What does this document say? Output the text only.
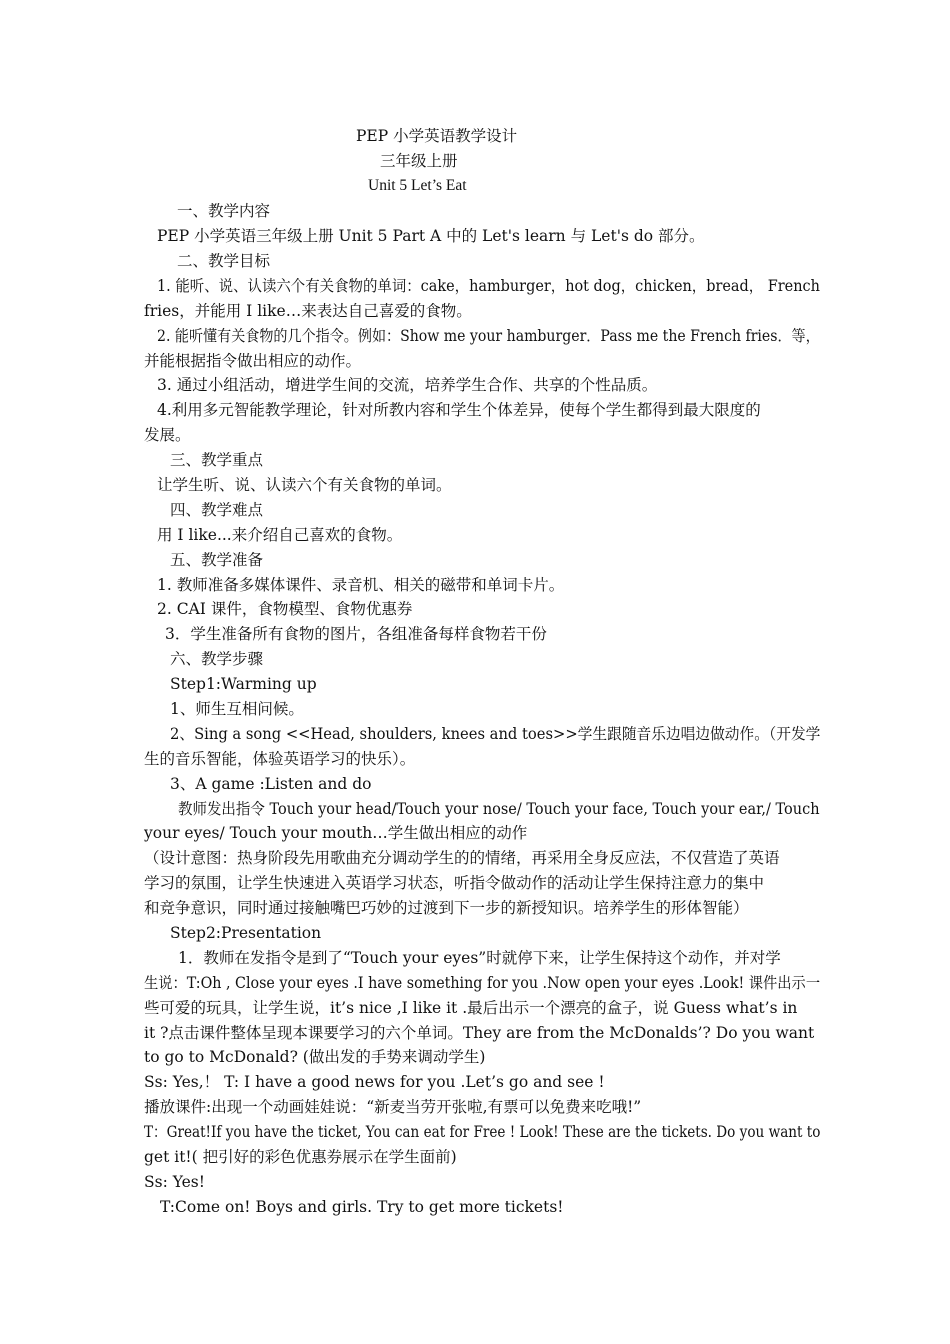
PEP 小学英语教学设计
三年级上册
Unit 5 Let’s Eat
一、教学内容
PEP 小学英语三年级上册 Unit 5 Part A 中的 Let's learn 与 Let's do 部分。
二、教学目标
1. 能听、说、认读六个有关食物的单词：cake，hamburger，hot dog，chicken，bread， French
fries，并能用 I like…来表达自己喜爱的食物。
2. 能听懂有关食物的几个指令。例如：Show me your hamburger．Pass me the French fries．等，
并能根据指令做出相应的动作。
3. 通过小组活动，增进学生间的交流，培养学生合作、共享的个性品质。
4.利用多元智能教学理论，针对所教内容和学生个体差异，使每个学生都得到最大限度的
发展。
三、教学重点
让学生听、说、认读六个有关食物的单词。
四、教学难点
用 I like...来介绍自己喜欢的食物。
五、教学准备
1. 教师准备多媒体课件、录音机、相关的磁带和单词卡片。
2. CAI 课件，食物模型、食物优惠券
3．学生准备所有食物的图片，各组准备每样食物若干份
六、教学步骤
Step1:Warming up
1、师生互相问候。
2、Sing a song <<Head, shoulders, knees and toes>>学生跟随音乐边唱边做动作。（开发学
生的音乐智能，体验英语学习的快乐）。
3、A game :Listen and do
教师发出指令 Touch your head/Touch your nose/ Touch your face, Touch your ear,/ Touch
your eyes/ Touch your mouth…学生做出相应的动作
（设计意图：热身阶段先用歌曲充分调动学生的的情绪，再采用全身反应法，不仅营造了英语
学习的氛围，让学生快速进入英语学习状态，听指令做动作的活动让学生保持注意力的集中
和竞争意识，同时通过接触嘴巴巧妙的过渡到下一步的新授知识。培养学生的形体智能）
Step2:Presentation
1．教师在发指令是到了“Touch your eyes”时就停下来，让学生保持这个动作，并对学
生说：T:Oh , Close your eyes .I have something for you .Now open your eyes .Look! 课件出示一
些可爱的玩具，让学生说，it’s nice ,I like it .最后出示一个漂亮的盒子，说 Guess what’s in
it ?点击课件整体呈现本课要学习的六个单词。They are from the McDonalds’? Do you want
to go to McDonald? (做出发的手势来调动学生)
Ss: Yes,！ T: I have a good news for you .Let’s go and see !
播放课件:出现一个动画娃娃说：“新麦当劳开张啦,有票可以免费来吃哦!”
T：Great!If you have the ticket, You can eat for Free ! Look! These are the tickets. Do you want to
get it!( 把引好的彩色优惠券展示在学生面前)
Ss: Yes!
T:Come on! Boys and girls. Try to get more tickets!
